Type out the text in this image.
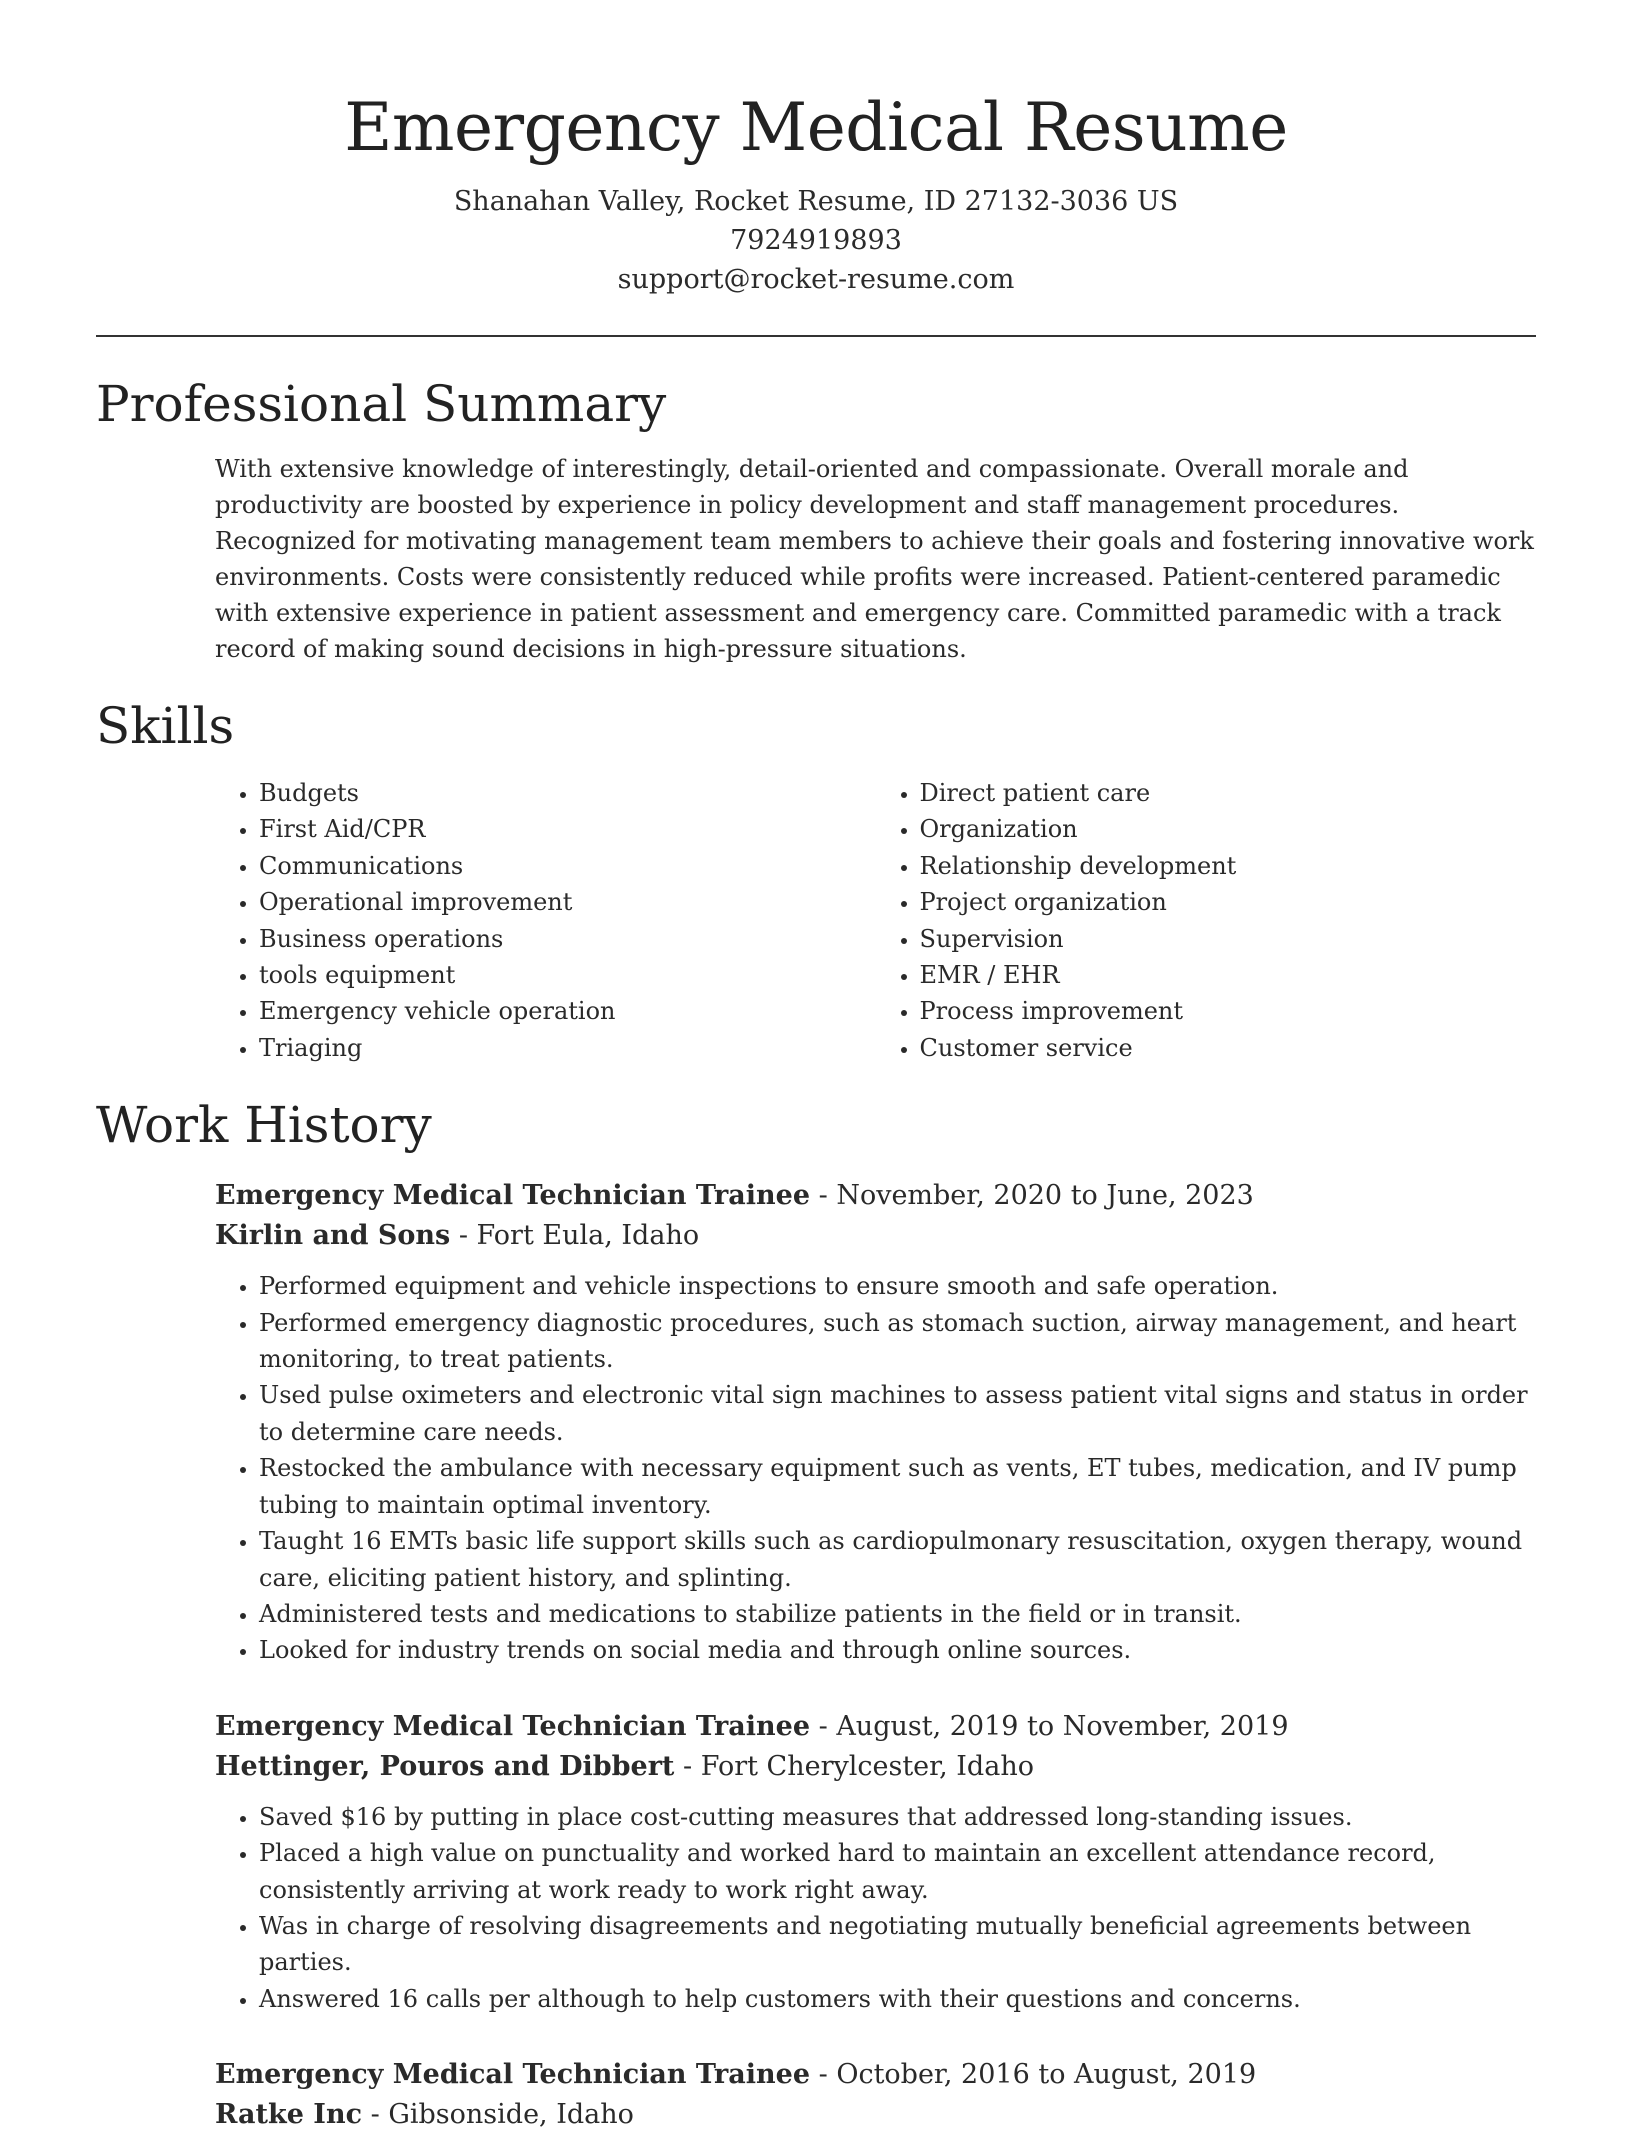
Emergency Medical Resume
Shanahan Valley, Rocket Resume, ID 27132-3036 US
7924919893
support@rocket-resume.com
Professional Summary

With extensive knowledge of interestingly, detail-oriented and compassionate. Overall morale and productivity are boosted by experience in policy development and staff management procedures. Recognized for motivating management team members to achieve their goals and fostering innovative work environments. Costs were consistently reduced while profits were increased. Patient-centered paramedic with extensive experience in patient assessment and emergency care. Committed paramedic with a track record of making sound decisions in high-pressure situations.

Skills
• Budgets
• First Aid/CPR
• Communications
• Operational improvement
• Business operations
• tools equipment
• Emergency vehicle operation
• Triaging
• Direct patient care
• Organization
• Relationship development
• Project organization
• Supervision
• EMR / EHR
• Process improvement
• Customer service
Work History
Emergency Medical Technician Trainee - November, 2020 to June, 2023
Kirlin and Sons - Fort Eula, Idaho
• Performed equipment and vehicle inspections to ensure smooth and safe operation.
• Performed emergency diagnostic procedures, such as stomach suction, airway management, and heart monitoring, to treat patients.
• Used pulse oximeters and electronic vital sign machines to assess patient vital signs and status in order to determine care needs.
• Restocked the ambulance with necessary equipment such as vents, ET tubes, medication, and IV pump tubing to maintain optimal inventory.
• Taught 16 EMTs basic life support skills such as cardiopulmonary resuscitation, oxygen therapy, wound care, eliciting patient history, and splinting.
• Administered tests and medications to stabilize patients in the field or in transit.
• Looked for industry trends on social media and through online sources.
Emergency Medical Technician Trainee - August, 2019 to November, 2019
Hettinger, Pouros and Dibbert - Fort Cherylcester, Idaho
• Saved $16 by putting in place cost-cutting measures that addressed long-standing issues.
• Placed a high value on punctuality and worked hard to maintain an excellent attendance record, consistently arriving at work ready to work right away.
• Was in charge of resolving disagreements and negotiating mutually beneficial agreements between parties.
• Answered 16 calls per although to help customers with their questions and concerns.
Emergency Medical Technician Trainee - October, 2016 to August, 2019
Ratke Inc - Gibsonside, Idaho
